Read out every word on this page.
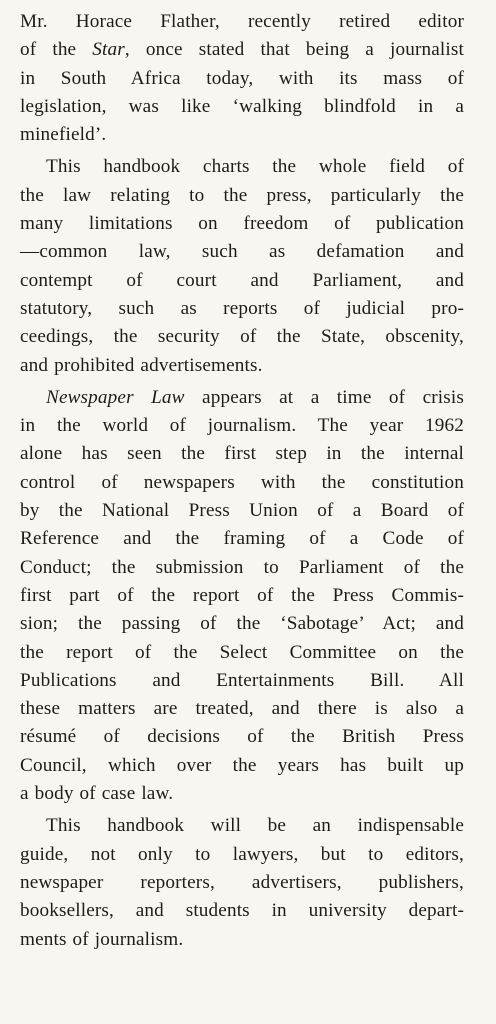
Mr. Horace Flather, recently retired editor
of the Star, once stated that being a journalist
in South Africa today, with its mass of
legislation, was like ‘walking blindfold in a
minefield’.
This handbook charts the whole field of
the law relating to the press, particularly the
many limitations on freedom of publication
—common law, such as defamation and
contempt of court and Parliament, and
statutory, such as reports of judicial pro-
ceedings, the security of the State, obscenity,
and prohibited advertisements.
Newspaper Law appears at a time of crisis
in the world of journalism. The year 1962
alone has seen the first step in the internal
control of newspapers with the constitution
by the National Press Union of a Board of
Reference and the framing of a Code of
Conduct; the submission to Parliament of the
first part of the report of the Press Commis-
sion; the passing of the ‘Sabotage’ Act; and
the report of the Select Committee on the
Publications and Entertainments Bill. All
these matters are treated, and there is also a
résumé of decisions of the British Press
Council, which over the years has built up
a body of case law.
This handbook will be an indispensable
guide, not only to lawyers, but to editors,
newspaper reporters, advertisers, publishers,
booksellers, and students in university depart-
ments of journalism.
